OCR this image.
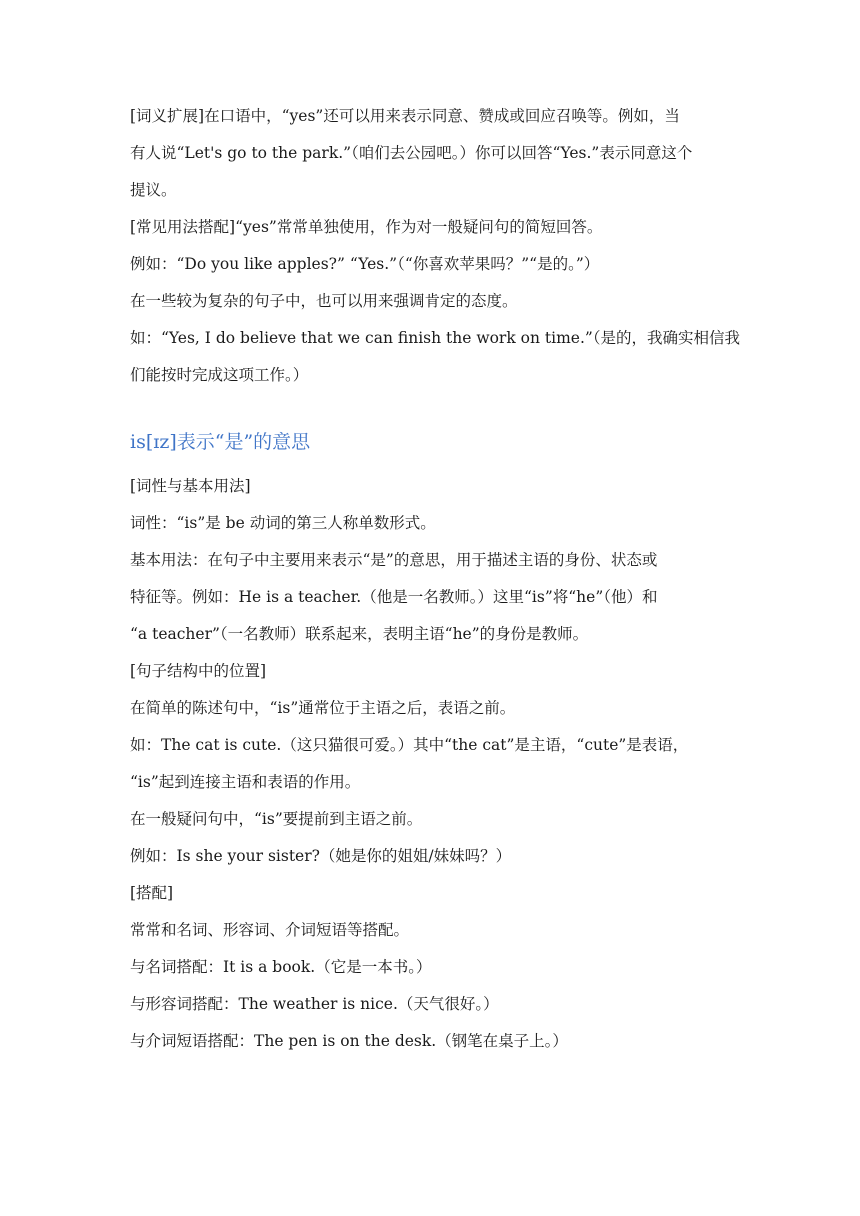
[词义扩展]在口语中，“yes”还可以用来表示同意、赞成或回应召唤等。例如，当
有人说“Let's go to the park.”（咱们去公园吧。）你可以回答“Yes.”表示同意这个
提议。
[常见用法搭配]“yes”常常单独使用，作为对一般疑问句的简短回答。
例如：“Do you like apples?” “Yes.”（“你喜欢苹果吗？”“是的。”）
在一些较为复杂的句子中，也可以用来强调肯定的态度。
如：“Yes, I do believe that we can finish the work on time.”（是的，我确实相信我
们能按时完成这项工作。）
is[ɪz]表示“是”的意思
[词性与基本用法]
词性：“is”是 be 动词的第三人称单数形式。
基本用法：在句子中主要用来表示“是”的意思，用于描述主语的身份、状态或
特征等。例如：He is a teacher.（他是一名教师。）这里“is”将“he”（他）和
“a teacher”（一名教师）联系起来，表明主语“he”的身份是教师。
[句子结构中的位置]
在简单的陈述句中，“is”通常位于主语之后，表语之前。
如：The cat is cute.（这只猫很可爱。）其中“the cat”是主语，“cute”是表语，
“is”起到连接主语和表语的作用。
在一般疑问句中，“is”要提前到主语之前。
例如：Is she your sister?（她是你的姐姐/妹妹吗？）
[搭配]
常常和名词、形容词、介词短语等搭配。
与名词搭配：It is a book.（它是一本书。）
与形容词搭配：The weather is nice.（天气很好。）
与介词短语搭配：The pen is on the desk.（钢笔在桌子上。）
